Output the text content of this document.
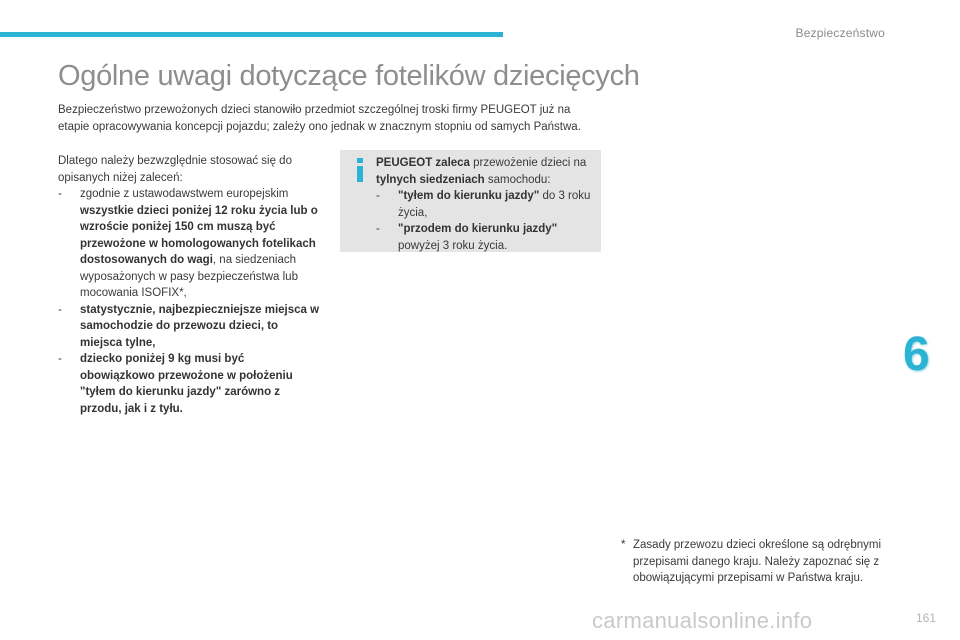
Bezpieczeństwo
Ogólne uwagi dotyczące fotelików dziecięcych

Bezpieczeństwo przewożonych dzieci stanowiło przedmiot szczególnej troski firmy PEUGEOT już na etapie opracowywania koncepcji pojazdu; zależy ono jednak w znacznym stopniu od samych Państwa.

Dlatego należy bezwzględnie stosować się do opisanych niżej zaleceń:

-	zgodnie z ustawodawstwem europejskim wszystkie dzieci poniżej 12 roku życia lub o wzroście poniżej 150 cm muszą być przewożone w homologowanych fotelikach dostosowanych do wagi, na siedzeniach wyposażonych w pasy bezpieczeństwa lub mocowania ISOFIX*,
-	statystycznie, najbezpieczniejsze miejsca w samochodzie do przewozu dzieci, to miejsca tylne,
-	dziecko poniżej 9 kg musi być obowiązkowo przewożone w położeniu "tyłem do kierunku jazdy" zarówno z przodu, jak i z tyłu.

PEUGEOT zaleca przewożenie dzieci na tylnych siedzeniach samochodu:

-	"tyłem do kierunku jazdy" do 3 roku życia,
-	"przodem do kierunku jazdy" powyżej 3 roku życia.
6
* Zasady przewozu dzieci określone są odrębnymi przepisami danego kraju. Należy zapoznać się z obowiązującymi przepisami w Państwa kraju.
carmanualsonline.info	161
